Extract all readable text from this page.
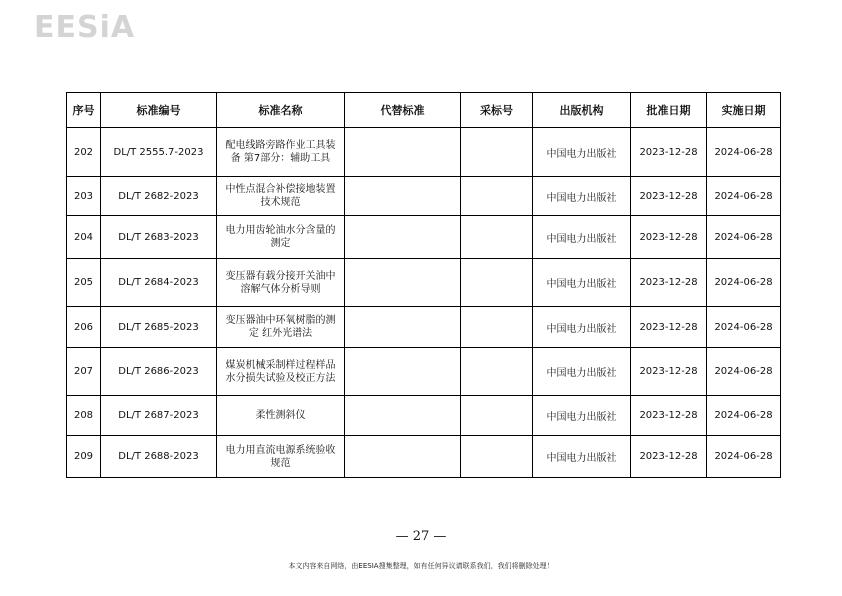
EESiA
序号	标准编号	标准名称	代替标准	采标号	出版机构	批准日期	实施日期
202	DL/T 2555.7-2023	配电线路旁路作业工具装备 第7部分：辅助工具			中国电力出版社	2023-12-28	2024-06-28
203	DL/T 2682-2023	中性点混合补偿接地装置技术规范			中国电力出版社	2023-12-28	2024-06-28
204	DL/T 2683-2023	电力用齿轮油水分含量的测定			中国电力出版社	2023-12-28	2024-06-28
205	DL/T 2684-2023	变压器有载分接开关油中溶解气体分析导则			中国电力出版社	2023-12-28	2024-06-28
206	DL/T 2685-2023	变压器油中环氧树脂的测定 红外光谱法			中国电力出版社	2023-12-28	2024-06-28
207	DL/T 2686-2023	煤炭机械采制样过程样品水分损失试验及校正方法			中国电力出版社	2023-12-28	2024-06-28
208	DL/T 2687-2023	柔性测斜仪			中国电力出版社	2023-12-28	2024-06-28
209	DL/T 2688-2023	电力用直流电源系统验收规范			中国电力出版社	2023-12-28	2024-06-28
— 27 —
本文内容来自网络，由EESIA搜集整理，如有任何异议请联系我们，我们将删除处理！
